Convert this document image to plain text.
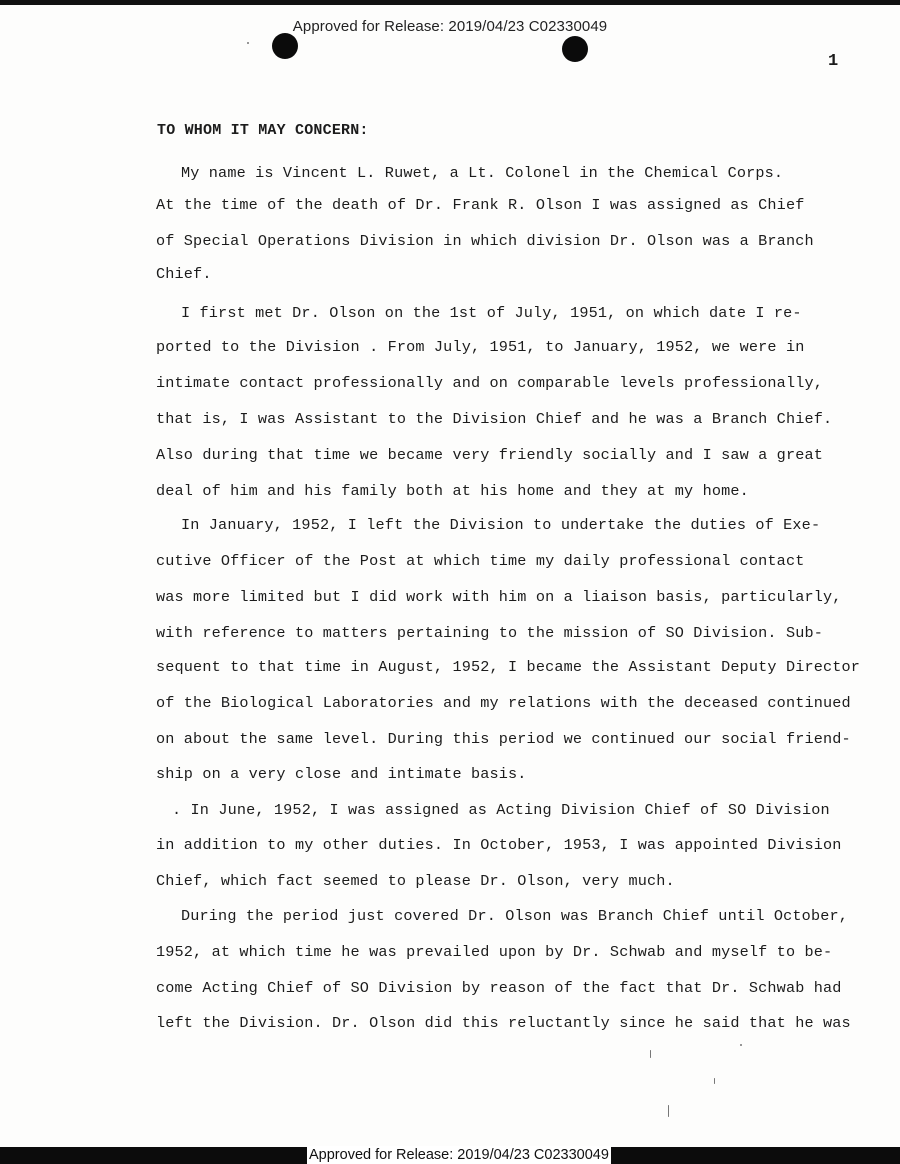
Approved for Release: 2019/04/23 C02330049
1
TO WHOM IT MAY CONCERN:
My name is Vincent L. Ruwet, a Lt. Colonel in the Chemical Corps.
At the time of the death of Dr. Frank R. Olson I was assigned as Chief
of Special Operations Division in which division Dr. Olson was a Branch
Chief.
I first met Dr. Olson on the 1st of July, 1951, on which date I re-
ported to the Division . From July, 1951, to January, 1952, we were in
intimate contact professionally and on comparable levels professionally,
that is, I was Assistant to the Division Chief and he was a Branch Chief.
Also during that time we became very friendly socially and I saw a great
deal of him and his family both at his home and they at my home.
In January, 1952, I left the Division to undertake the duties of Exe-
cutive Officer of the Post at which time my daily professional contact
was more limited but I did work with him on a liaison basis, particularly,
with reference to matters pertaining to the mission of SO Division. Sub-
sequent to that time in August, 1952, I became the Assistant Deputy Director
of the Biological Laboratories and my relations with the deceased continued
on about the same level. During this period we continued our social friend-
ship on a very close and intimate basis.
. In June, 1952, I was assigned as Acting Division Chief of SO Division
in addition to my other duties. In October, 1953, I was appointed Division
Chief, which fact seemed to please Dr. Olson, very much.
During the period just covered Dr. Olson was Branch Chief until October,
1952, at which time he was prevailed upon by Dr. Schwab and myself to be-
come Acting Chief of SO Division by reason of the fact that Dr. Schwab had
left the Division. Dr. Olson did this reluctantly since he said that he was
Approved for Release: 2019/04/23 C02330049
